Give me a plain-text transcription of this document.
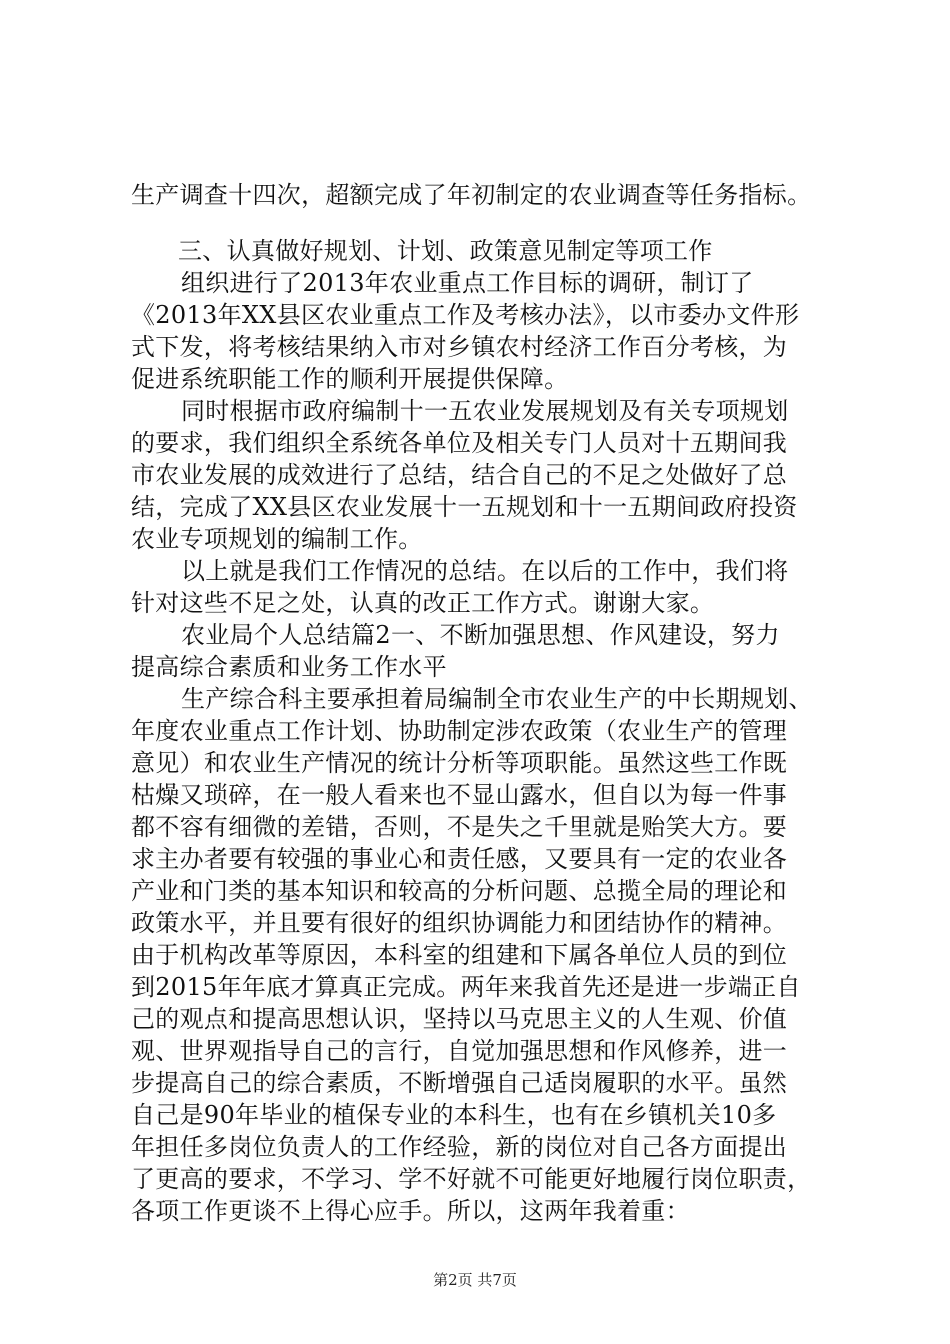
生产调查十四次，超额完成了年初制定的农业调查等任务指标。
三、认真做好规划、计划、政策意见制定等项工作
组织进行了2013年农业重点工作目标的调研，制订了
《2013年XX县区农业重点工作及考核办法》，以市委办文件形
式下发，将考核结果纳入市对乡镇农村经济工作百分考核，为
促进系统职能工作的顺利开展提供保障。
同时根据市政府编制十一五农业发展规划及有关专项规划
的要求，我们组织全系统各单位及相关专门人员对十五期间我
市农业发展的成效进行了总结，结合自己的不足之处做好了总
结，完成了XX县区农业发展十一五规划和十一五期间政府投资
农业专项规划的编制工作。
以上就是我们工作情况的总结。在以后的工作中，我们将
针对这些不足之处，认真的改正工作方式。谢谢大家。
农业局个人总结篇2一、不断加强思想、作风建设，努力
提高综合素质和业务工作水平
生产综合科主要承担着局编制全市农业生产的中长期规划、
年度农业重点工作计划、协助制定涉农政策（农业生产的管理
意见）和农业生产情况的统计分析等项职能。虽然这些工作既
枯燥又琐碎，在一般人看来也不显山露水，但自以为每一件事
都不容有细微的差错，否则，不是失之千里就是贻笑大方。要
求主办者要有较强的事业心和责任感，又要具有一定的农业各
产业和门类的基本知识和较高的分析问题、总揽全局的理论和
政策水平，并且要有很好的组织协调能力和团结协作的精神。
由于机构改革等原因，本科室的组建和下属各单位人员的到位
到2015年年底才算真正完成。两年来我首先还是进一步端正自
己的观点和提高思想认识，坚持以马克思主义的人生观、价值
观、世界观指导自己的言行，自觉加强思想和作风修养，进一
步提高自己的综合素质，不断增强自己适岗履职的水平。虽然
自己是90年毕业的植保专业的本科生，也有在乡镇机关10多
年担任多岗位负责人的工作经验，新的岗位对自己各方面提出
了更高的要求，不学习、学不好就不可能更好地履行岗位职责，
各项工作更谈不上得心应手。所以，这两年我着重：
第2页 共7页
